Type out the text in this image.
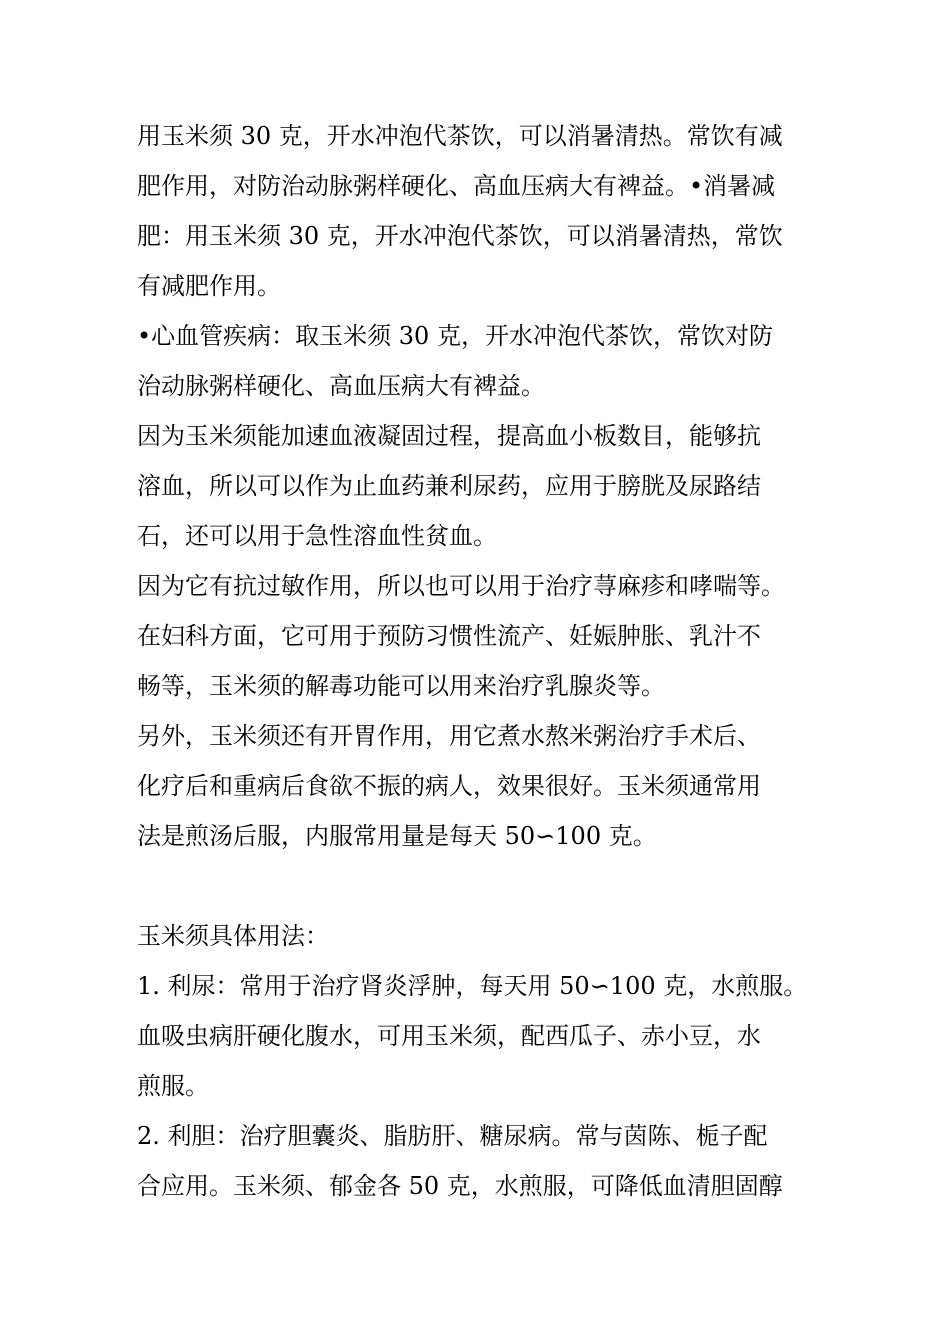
用玉米须 30 克，开水冲泡代茶饮，可以消暑清热。常饮有减
肥作用，对防治动脉粥样硬化、高血压病大有裨益。•消暑减
肥：用玉米须 30 克，开水冲泡代茶饮，可以消暑清热，常饮
有减肥作用。
•心血管疾病：取玉米须 30 克，开水冲泡代茶饮，常饮对防
治动脉粥样硬化、高血压病大有裨益。
因为玉米须能加速血液凝固过程，提高血小板数目，能够抗
溶血，所以可以作为止血药兼利尿药，应用于膀胱及尿路结
石，还可以用于急性溶血性贫血。
因为它有抗过敏作用，所以也可以用于治疗荨麻疹和哮喘等。
在妇科方面，它可用于预防习惯性流产、妊娠肿胀、乳汁不
畅等，玉米须的解毒功能可以用来治疗乳腺炎等。
另外，玉米须还有开胃作用，用它煮水熬米粥治疗手术后、
化疗后和重病后食欲不振的病人，效果很好。玉米须通常用
法是煎汤后服，内服常用量是每天 50∽100 克。
玉米须具体用法：
1. 利尿：常用于治疗肾炎浮肿，每天用 50∽100 克，水煎服。
血吸虫病肝硬化腹水，可用玉米须，配西瓜子、赤小豆，水
煎服。
2. 利胆：治疗胆囊炎、脂肪肝、糖尿病。常与茵陈、栀子配
合应用。玉米须、郁金各 50 克，水煎服，可降低血清胆固醇
